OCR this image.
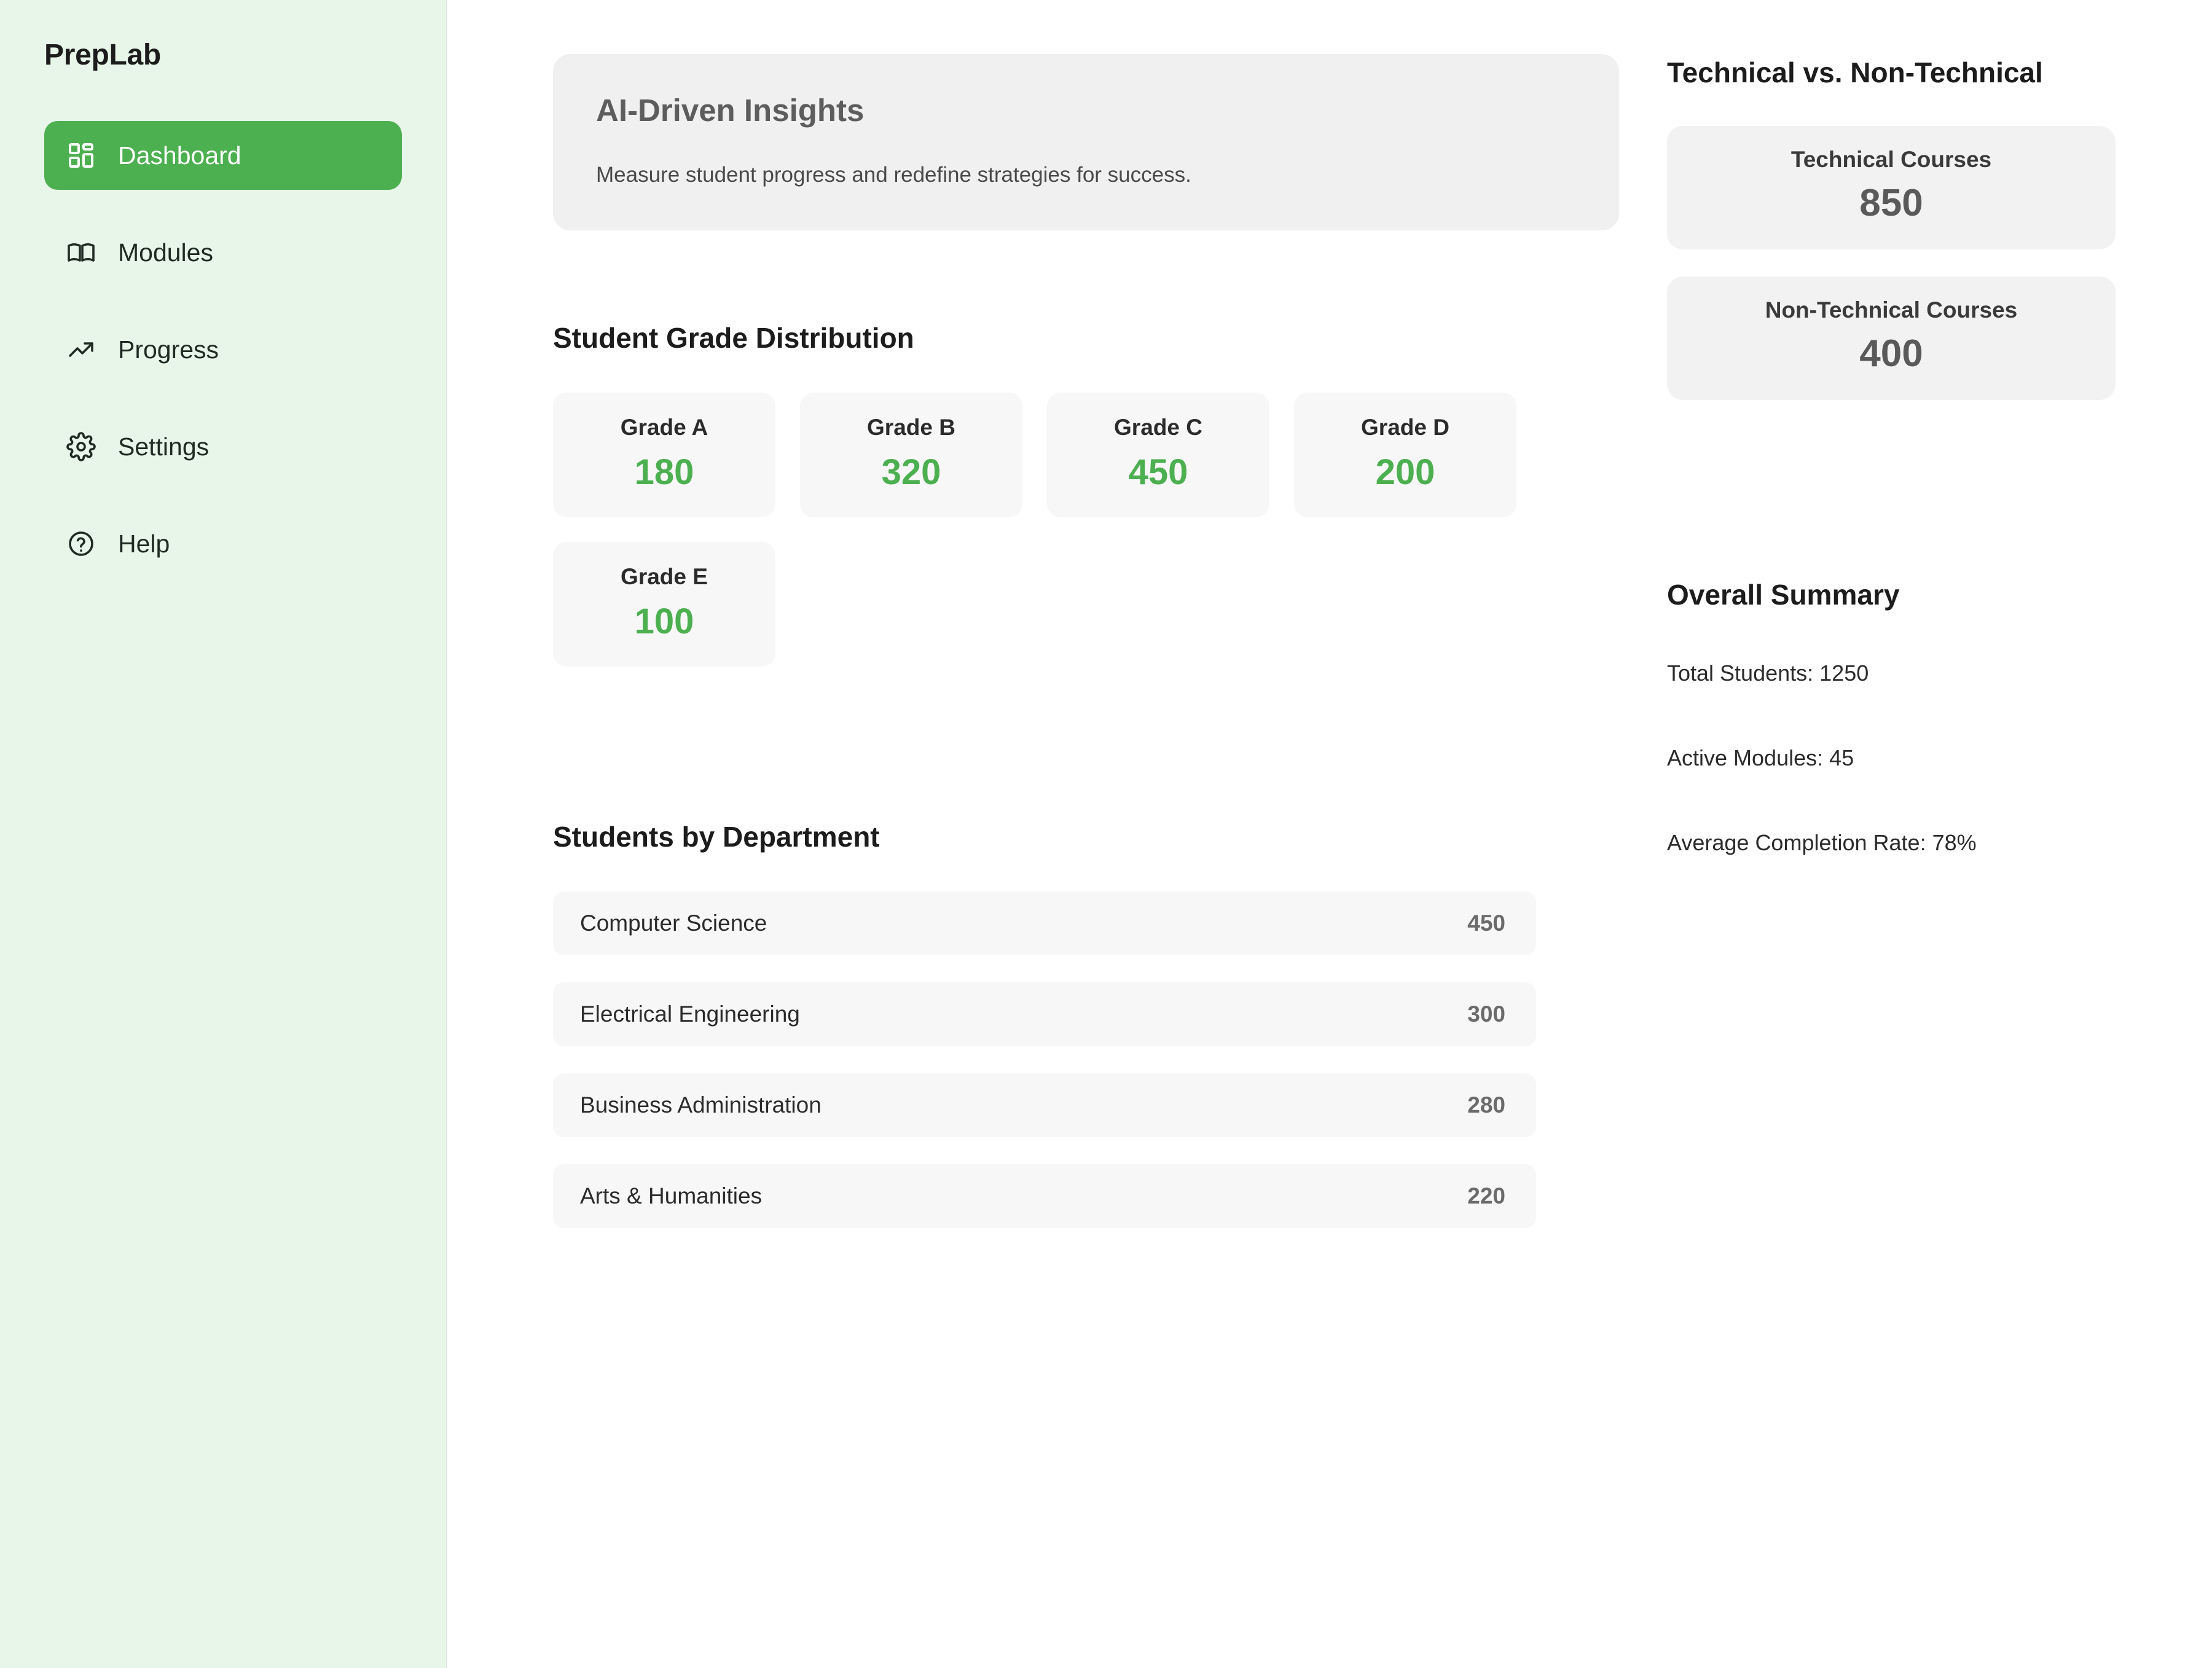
PrepLab
Dashboard
Modules
Progress
Settings
Help
AI-Driven Insights
Measure student progress and redefine strategies for success.
Student Grade Distribution
Grade A
180
Grade B
320
Grade C
450
Grade D
200
Grade E
100
Students by Department
Computer Science	450
Electrical Engineering	300
Business Administration	280
Arts & Humanities	220
Technical vs. Non-Technical
Technical Courses
850
Non-Technical Courses
400
Overall Summary
Total Students: 1250
Active Modules: 45
Average Completion Rate: 78%
